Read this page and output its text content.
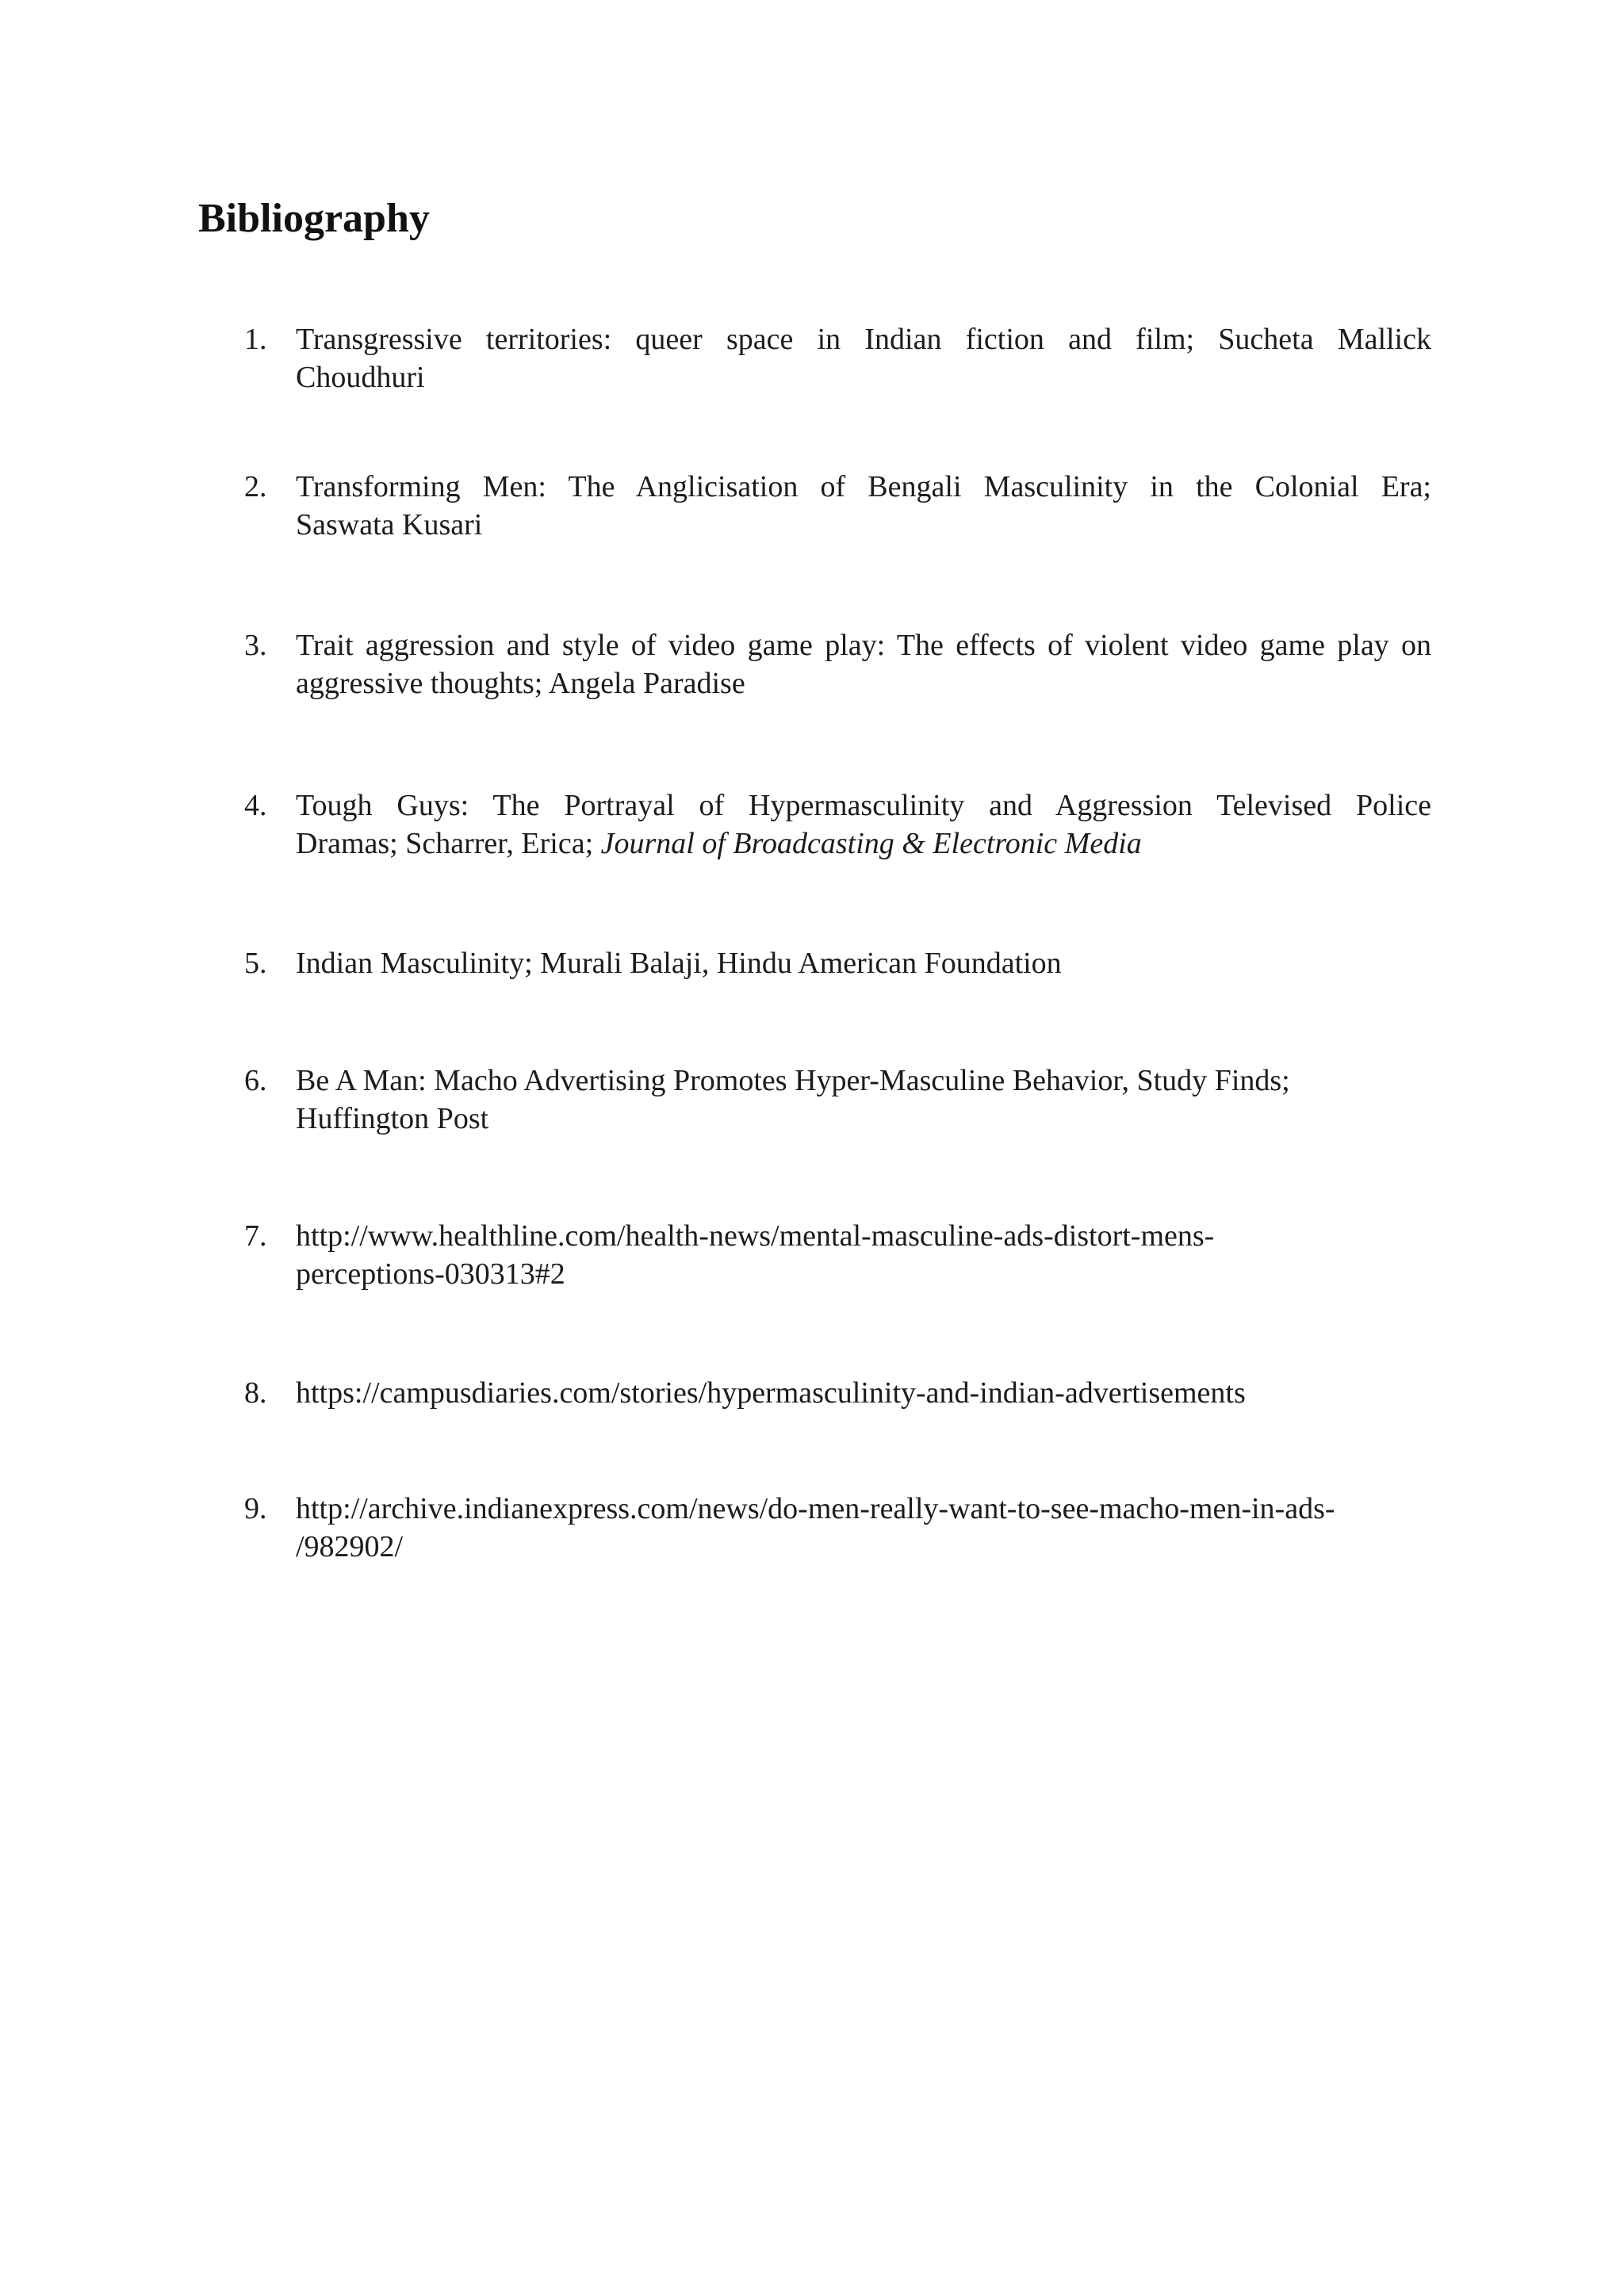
Bibliography
1. Transgressive territories: queer space in Indian fiction and film; Sucheta Mallick
Choudhuri
2. Transforming Men: The Anglicisation of Bengali Masculinity in the Colonial Era;
Saswata Kusari
3. Trait aggression and style of video game play: The effects of violent video game play on
aggressive thoughts; Angela Paradise
4. Tough Guys: The Portrayal of Hypermasculinity and Aggression Televised Police
Dramas; Scharrer, Erica; Journal of Broadcasting & Electronic Media
5. Indian Masculinity; Murali Balaji, Hindu American Foundation
6. Be A Man: Macho Advertising Promotes Hyper-Masculine Behavior, Study Finds;
Huffington Post
7. http://www.healthline.com/health-news/mental-masculine-ads-distort-mens-
perceptions-030313#2
8. https://campusdiaries.com/stories/hypermasculinity-and-indian-advertisements
9. http://archive.indianexpress.com/news/do-men-really-want-to-see-macho-men-in-ads-
/982902/
